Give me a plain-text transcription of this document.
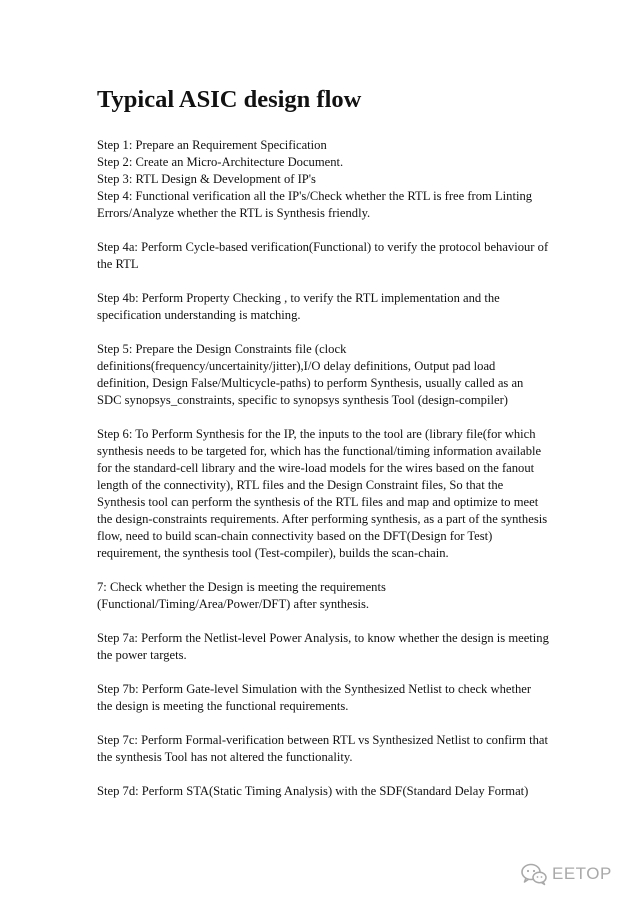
Typical ASIC design flow

Step 1: Prepare an Requirement Specification

Step 2: Create an Micro-Architecture Document.

Step 3: RTL Design & Development of IP's

Step 4: Functional verification all the IP's/Check whether the RTL is free from Linting Errors/Analyze whether the RTL is Synthesis friendly.

Step 4a: Perform Cycle-based verification(Functional) to verify the protocol behaviour of the RTL

Step 4b: Perform Property Checking , to verify the RTL implementation and the specification understanding is matching.

Step 5: Prepare the Design Constraints file (clock definitions(frequency/uncertainity/jitter),I/O delay definitions, Output pad load definition, Design False/Multicycle-paths) to perform Synthesis, usually called as an SDC synopsys_constraints, specific to synopsys synthesis Tool (design-compiler)

Step 6: To Perform Synthesis for the IP, the inputs to the tool are (library file(for which synthesis needs to be targeted for, which has the functional/timing information available for the standard-cell library and the wire-load models for the wires based on the fanout length of the connectivity), RTL files and the Design Constraint files, So that the Synthesis tool can perform the synthesis of the RTL files and map and optimize to meet the design-constraints requirements. After performing synthesis, as a part of the synthesis flow, need to build scan-chain connectivity based on the DFT(Design for Test) requirement, the synthesis tool (Test-compiler), builds the scan-chain.

7: Check whether the Design is meeting the requirements (Functional/Timing/Area/Power/DFT) after synthesis.

Step 7a: Perform the Netlist-level Power Analysis, to know whether the design is meeting the power targets.

Step 7b: Perform Gate-level Simulation with the Synthesized Netlist to check whether the design is meeting the functional requirements.

Step 7c: Perform Formal-verification between RTL vs Synthesized Netlist to confirm that the synthesis Tool has not altered the functionality.

Step 7d: Perform STA(Static Timing Analysis) with the SDF(Standard Delay Format)

EETOP
